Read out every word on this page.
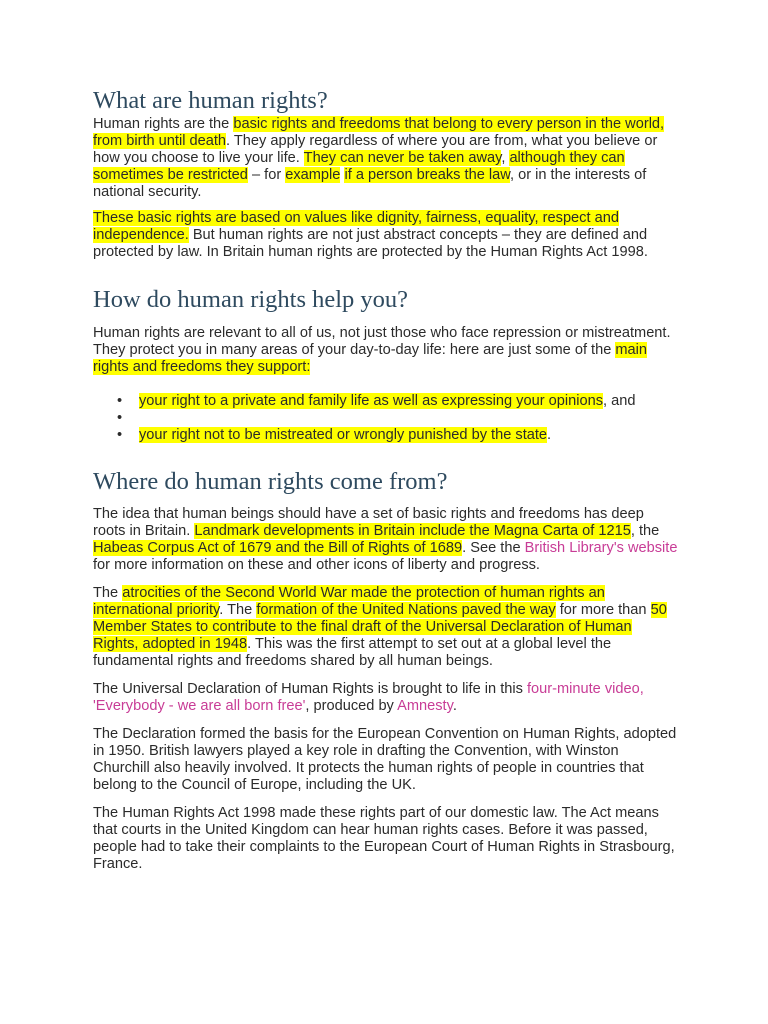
What are human rights?

Human rights are the basic rights and freedoms that belong to every person in the world, from birth until death. They apply regardless of where you are from, what you believe or how you choose to live your life. They can never be taken away, although they can sometimes be restricted – for example if a person breaks the law, or in the interests of national security.

These basic rights are based on values like dignity, fairness, equality, respect and independence. But human rights are not just abstract concepts – they are defined and protected by law. In Britain human rights are protected by the Human Rights Act 1998.

How do human rights help you?

Human rights are relevant to all of us, not just those who face repression or mistreatment. They protect you in many areas of your day-to-day life: here are just some of the main rights and freedoms they support:

• your right to a private and family life as well as expressing your opinions, and
•
• your right not to be mistreated or wrongly punished by the state.
Where do human rights come from?

The idea that human beings should have a set of basic rights and freedoms has deep roots in Britain. Landmark developments in Britain include the Magna Carta of 1215, the Habeas Corpus Act of 1679 and the Bill of Rights of 1689. See the British Library's website for more information on these and other icons of liberty and progress.

The atrocities of the Second World War made the protection of human rights an international priority. The formation of the United Nations paved the way for more than 50 Member States to contribute to the final draft of the Universal Declaration of Human Rights, adopted in 1948. This was the first attempt to set out at a global level the fundamental rights and freedoms shared by all human beings.

The Universal Declaration of Human Rights is brought to life in this four-minute video, 'Everybody - we are all born free', produced by Amnesty.

The Declaration formed the basis for the European Convention on Human Rights, adopted in 1950. British lawyers played a key role in drafting the Convention, with Winston Churchill also heavily involved. It protects the human rights of people in countries that belong to the Council of Europe, including the UK.

The Human Rights Act 1998 made these rights part of our domestic law. The Act means that courts in the United Kingdom can hear human rights cases. Before it was passed, people had to take their complaints to the European Court of Human Rights in Strasbourg, France.
